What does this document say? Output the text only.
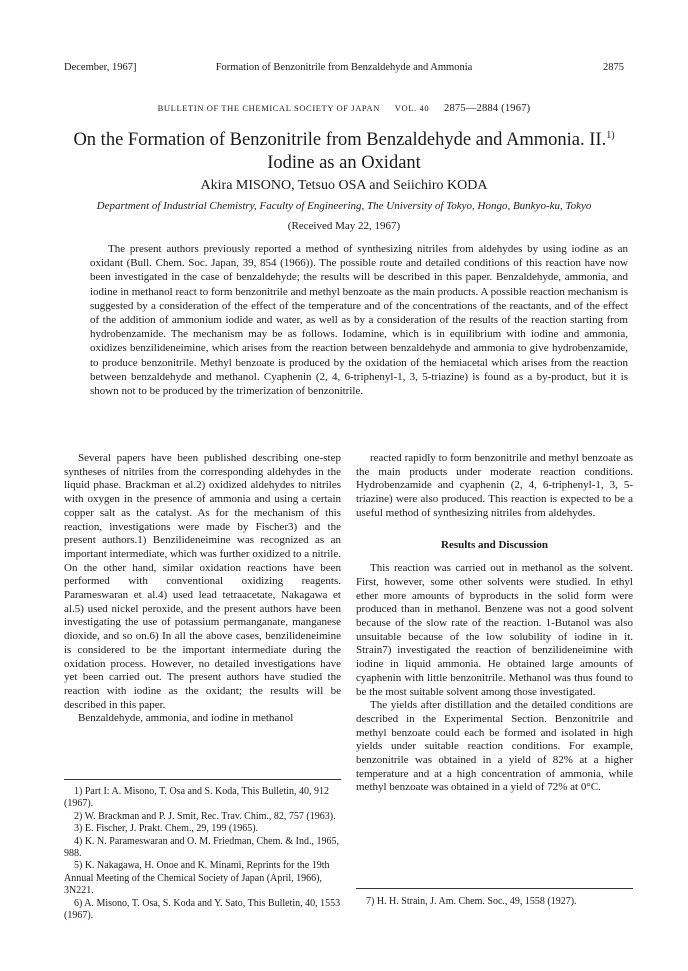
December, 1967]	Formation of Benzonitrile from Benzaldehyde and Ammonia	2875
BULLETIN OF THE CHEMICAL SOCIETY OF JAPAN VOL. 40 2875—2884 (1967)
On the Formation of Benzonitrile from Benzaldehyde and Ammonia. II.$^{1)}$
Iodine as an Oxidant
Akira MISONO, Tetsuo OSA and Seiichiro KODA
Department of Industrial Chemistry, Faculty of Engineering, The University of Tokyo, Hongo, Bunkyo-ku, Tokyo
(Received May 22, 1967)

The present authors previously reported a method of synthesizing nitriles from aldehydes by using iodine as an oxidant (Bull. Chem. Soc. Japan, 39, 854 (1966)). The possible route and detailed conditions of this reaction have now been investigated in the case of benzaldehyde; the results will be described in this paper. Benzaldehyde, ammonia, and iodine in methanol react to form benzonitrile and methyl benzoate as the main products. A possible reaction mechanism is suggested by a consideration of the effect of the temperature and of the concentrations of the reactants, and of the effect of the addition of ammonium iodide and water, as well as by a consideration of the results of the reaction starting from hydrobenzamide. The mechanism may be as follows. Iodamine, which is in equilibrium with iodine and ammonia, oxidizes benzilideneimine, which arises from the reaction between benzaldehyde and ammonia to give hydrobenzamide, to produce benzonitrile. Methyl benzoate is produced by the oxidation of the hemiacetal which arises from the reaction between benzaldehyde and methanol. Cyaphenin (2, 4, 6-triphenyl-1, 3, 5-triazine) is found as a by-product, but it is shown not to be produced by the trimerization of benzonitrile.

Several papers have been published describing one-step syntheses of nitriles from the corresponding aldehydes in the liquid phase. Brackman et al.2) oxidized aldehydes to nitriles with oxygen in the presence of ammonia and using a certain copper salt as the catalyst. As for the mechanism of this reaction, investigations were made by Fischer3) and the present authors.1) Benzilideneimine was recognized as an important intermediate, which was further oxidized to a nitrile. On the other hand, similar oxidation reactions have been performed with conventional oxidizing reagents. Parameswaran et al.4) used lead tetraacetate, Nakagawa et al.5) used nickel peroxide, and the present authors have been investigating the use of potassium permanganate, manganese dioxide, and so on.6) In all the above cases, benzilideneimine is considered to be the important intermediate during the oxidation process. However, no detailed investigations have yet been carried out. The present authors have studied the reaction with iodine as the oxidant; the results will be described in this paper.

Benzaldehyde, ammonia, and iodine in methanol

reacted rapidly to form benzonitrile and methyl benzoate as the main products under moderate reaction conditions. Hydrobenzamide and cyaphenin (2, 4, 6-triphenyl-1, 3, 5-triazine) were also produced. This reaction is expected to be a useful method of synthesizing nitriles from aldehydes.

Results and Discussion

This reaction was carried out in methanol as the solvent. First, however, some other solvents were studied. In ethyl ether more amounts of byproducts in the solid form were produced than in methanol. Benzene was not a good solvent because of the slow rate of the reaction. 1-Butanol was also unsuitable because of the low solubility of iodine in it. Strain7) investigated the reaction of benzilideneimine with iodine in liquid ammonia. He obtained large amounts of cyaphenin with little benzonitrile. Methanol was thus found to be the most suitable solvent among those investigated.

The yields after distillation and the detailed conditions are described in the Experimental Section. Benzonitrile and methyl benzoate could each be formed and isolated in high yields under suitable reaction conditions. For example, benzonitrile was obtained in a yield of 82% at a higher temperature and at a high concentration of ammonia, while methyl benzoate was obtained in a yield of 72% at 0°C.

1) Part I: A. Misono, T. Osa and S. Koda, This Bulletin, 40, 912 (1967).

2) W. Brackman and P. J. Smit, Rec. Trav. Chim., 82, 757 (1963).

3) E. Fischer, J. Prakt. Chem., 29, 199 (1965).

4) K. N. Parameswaran and O. M. Friedman, Chem. & Ind., 1965, 988.

5) K. Nakagawa, H. Onoe and K. Minami, Reprints for the 19th Annual Meeting of the Chemical Society of Japan (April, 1966), 3N221.

6) A. Misono, T. Osa, S. Koda and Y. Sato, This Bulletin, 40, 1553 (1967).

7) H. H. Strain, J. Am. Chem. Soc., 49, 1558 (1927).
